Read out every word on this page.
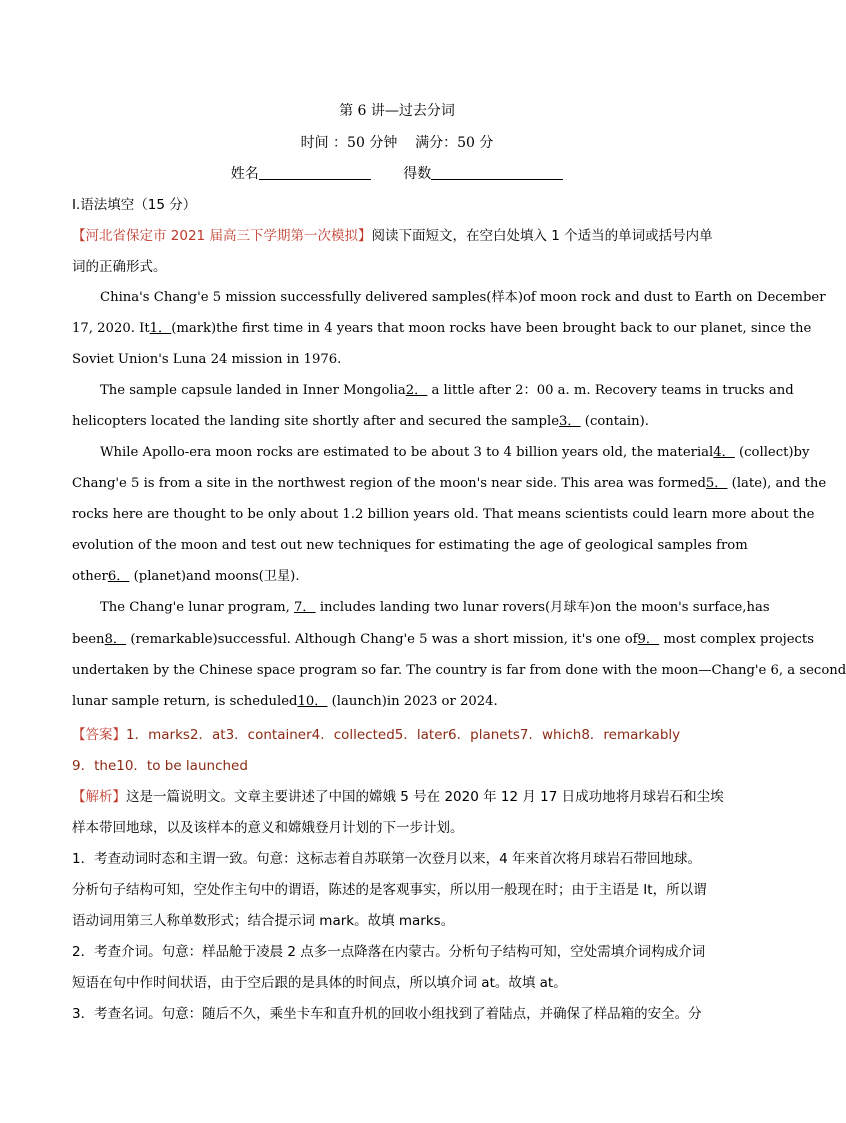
第 6 讲—过去分词
时间 ：50 分钟    满分：50 分
姓名	得数
I.语法填空（15 分）
【河北省保定市 2021 届高三下学期第一次模拟】阅读下面短文，在空白处填入 1 个适当的单词或括号内单
词的正确形式。
China's Chang'e 5 mission successfully delivered samples(样本)of moon rock and dust to Earth on December
17, 2020. It1．(mark)the first time in 4 years that moon rocks have been brought back to our planet, since the
Soviet Union's Luna 24 mission in 1976.
The sample capsule landed in Inner Mongolia2． a little after 2：00 a. m. Recovery teams in trucks and
helicopters located the landing site shortly after and secured the sample3． (contain).
While Apollo-era moon rocks are estimated to be about 3 to 4 billion years old, the material4． (collect)by
Chang'e 5 is from a site in the northwest region of the moon's near side. This area was formed5． (late), and the
rocks here are thought to be only about 1.2 billion years old. That means scientists could learn more about the
evolution of the moon and test out new techniques for estimating the age of geological samples from
other6． (planet)and moons(卫星).
The Chang'e lunar program, 7． includes landing two lunar rovers(月球车)on the moon's surface,has
been8． (remarkable)successful. Although Chang'e 5 was a short mission, it's one of9． most complex projects
undertaken by the Chinese space program so far. The country is far from done with the moon—Chang'e 6, a second
lunar sample return, is scheduled10． (launch)in 2023 or 2024.
【答案】1．marks2．at3．container4．collected5．later6．planets7．which8．remarkably
9．the10．to be launched
【解析】这是一篇说明文。文章主要讲述了中国的嫦娥 5 号在 2020 年 12 月 17 日成功地将月球岩石和尘埃
样本带回地球，以及该样本的意义和嫦娥登月计划的下一步计划。
1．考查动词时态和主谓一致。句意：这标志着自苏联第一次登月以来，4 年来首次将月球岩石带回地球。
分析句子结构可知，空处作主句中的谓语，陈述的是客观事实，所以用一般现在时；由于主语是 It，所以谓
语动词用第三人称单数形式；结合提示词 mark。故填 marks。
2．考查介词。句意：样品舱于凌晨 2 点多一点降落在内蒙古。分析句子结构可知，空处需填介词构成介词
短语在句中作时间状语，由于空后跟的是具体的时间点，所以填介词 at。故填 at。
3．考查名词。句意：随后不久，乘坐卡车和直升机的回收小组找到了着陆点，并确保了样品箱的安全。分
